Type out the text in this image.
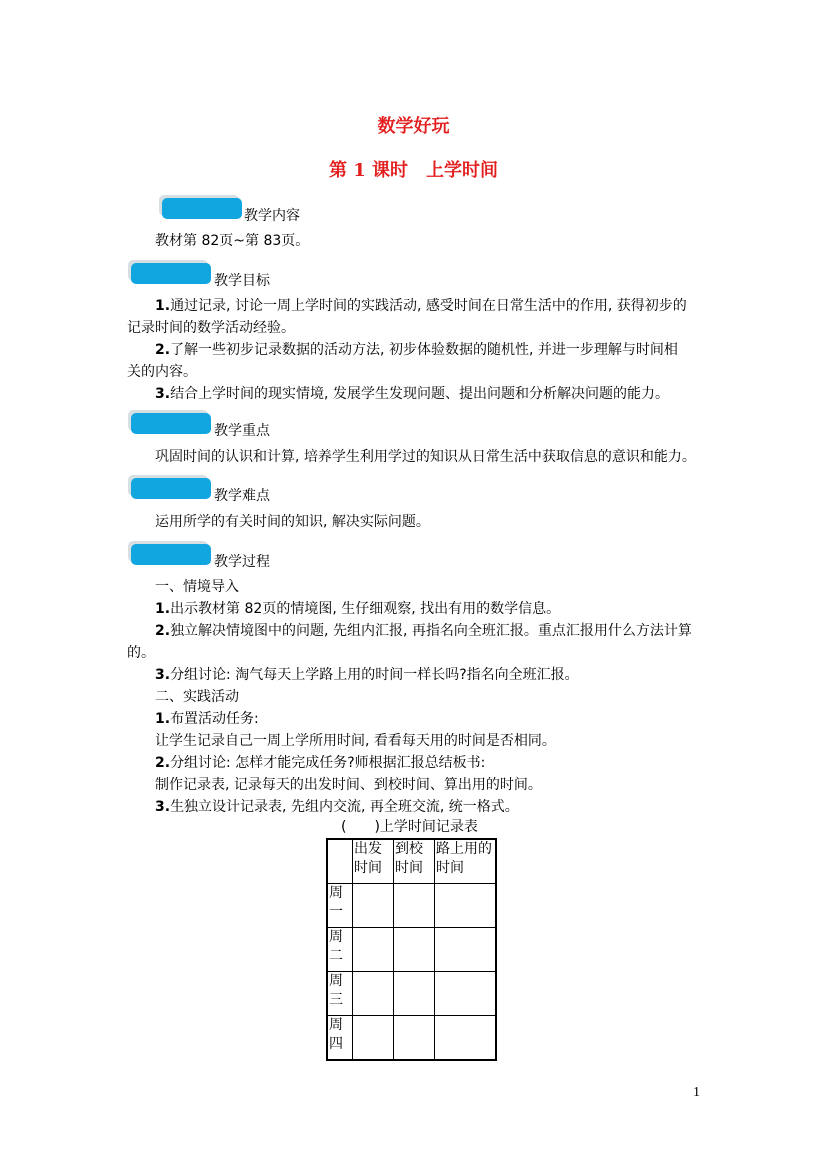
数学好玩
第 1 课时　上学时间
教学内容
教材第 82页~第 83页。
教学目标
1.通过记录, 讨论一周上学时间的实践活动, 感受时间在日常生活中的作用, 获得初步的
记录时间的数学活动经验。
2.了解一些初步记录数据的活动方法, 初步体验数据的随机性, 并进一步理解与时间相
关的内容。
3.结合上学时间的现实情境, 发展学生发现问题、提出问题和分析解决问题的能力。
教学重点
巩固时间的认识和计算, 培养学生利用学过的知识从日常生活中获取信息的意识和能力。
教学难点
运用所学的有关时间的知识, 解决实际问题。
教学过程
一、情境导入
1.出示教材第 82页的情境图, 生仔细观察, 找出有用的数学信息。
2.独立解决情境图中的问题, 先组内汇报, 再指名向全班汇报。重点汇报用什么方法计算
的。
3.分组讨论: 淘气每天上学路上用的时间一样长吗?指名向全班汇报。
二、实践活动
1.布置活动任务:
让学生记录自己一周上学所用时间, 看看每天用的时间是否相同。
2.分组讨论: 怎样才能完成任务?师根据汇报总结板书:
制作记录表, 记录每天的出发时间、到校时间、算出用的时间。
3.生独立设计记录表, 先组内交流, 再全班交流, 统一格式。
(　　)上学时间记录表
	出发时间	到校时间	路上用的时间
周一			
周二			
周三			
周四			
1
